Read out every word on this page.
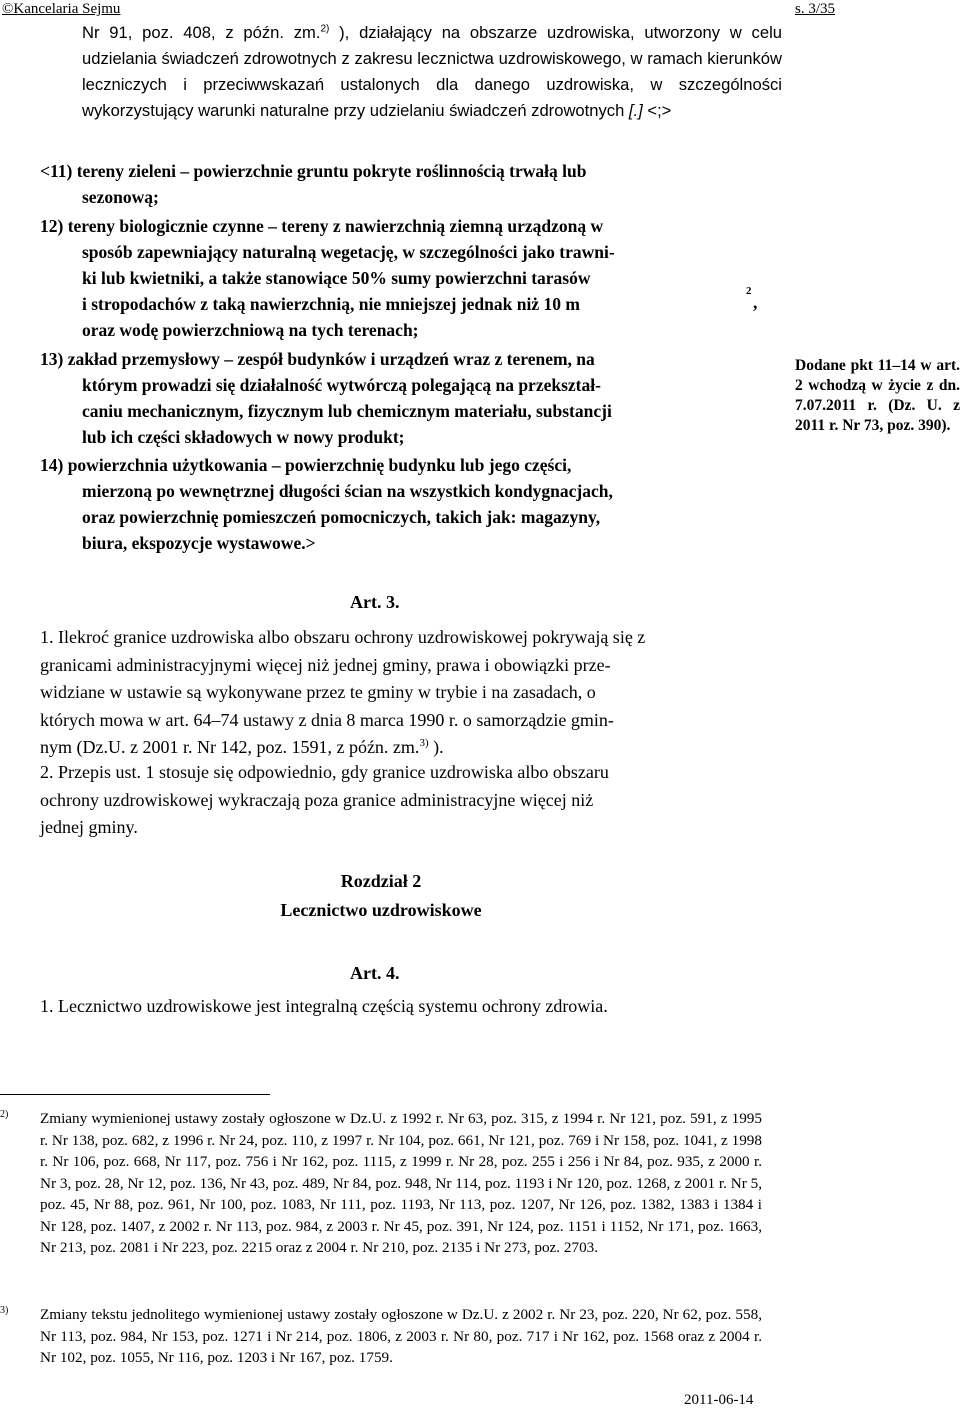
©Kancelaria Sejmu	s. 3/35
Nr 91, poz. 408, z późn. zm.$^{2)}$ ), działający na obszarze uzdrowiska, utworzony w celu udzielania świadczeń zdrowotnych z zakresu lecznictwa uzdrowiskowego, w ramach kierunków leczniczych i przeciwwskazań ustalonych dla danego uzdrowiska, w szczególności wykorzystujący warunki naturalne przy udzielaniu świadczeń zdrowotnych [.] <;>
<11) tereny zieleni – powierzchnie gruntu pokryte roślinnością trwałą lub
sezonową;
12) tereny biologicznie czynne – tereny z nawierzchnią ziemną urządzoną w
sposób zapewniający naturalną wegetację, w szczególności jako trawni-
ki lub kwietniki, a także stanowiące 50% sumy powierzchni tarasów
i stropodachów z taką nawierzchnią, nie mniejszej jednak niż 10 m
oraz wodę powierzchniową na tych terenach;
13) zakład przemysłowy – zespół budynków i urządzeń wraz z terenem, na
którym prowadzi się działalność wytwórczą polegającą na przekształ-
caniu mechanicznym, fizycznym lub chemicznym materiału, substancji
lub ich części składowych w nowy produkt;
14) powierzchnia użytkowania – powierzchnię budynku lub jego części,
mierzoną po wewnętrznej długości ścian na wszystkich kondygnacjach,
oraz powierzchnię pomieszczeń pomocniczych, takich jak: magazyny,
biura, ekspozycje wystawowe.>
2
,
Dodane pkt 11–14 w art. 2 wchodzą w życie z dn. 7.07.2011 r. (Dz. U. z 2011 r. Nr 73, poz. 390).
Art. 3.
1. Ilekroć granice uzdrowiska albo obszaru ochrony uzdrowiskowej pokrywają się z
granicami administracyjnymi więcej niż jednej gminy, prawa i obowiązki prze-
widziane w ustawie są wykonywane przez te gminy w trybie i na zasadach, o
których mowa w art. 64–74 ustawy z dnia 8 marca 1990 r. o samorządzie gmin-
nym (Dz.U. z 2001 r. Nr 142, poz. 1591, z późn. zm.$^{3)}$ ).
2. Przepis ust. 1 stosuje się odpowiednio, gdy granice uzdrowiska albo obszaru
ochrony uzdrowiskowej wykraczają poza granice administracyjne więcej niż
jednej gminy.
Rozdział 2
Lecznictwo uzdrowiskowe
Art. 4.
1. Lecznictwo uzdrowiskowe jest integralną częścią systemu ochrony zdrowia.
2) Zmiany wymienionej ustawy zostały ogłoszone w Dz.U. z 1992 r. Nr 63, poz. 315, z 1994 r. Nr 121, poz. 591, z 1995 r. Nr 138, poz. 682, z 1996 r. Nr 24, poz. 110, z 1997 r. Nr 104, poz. 661, Nr 121, poz. 769 i Nr 158, poz. 1041, z 1998 r. Nr 106, poz. 668, Nr 117, poz. 756 i Nr 162, poz. 1115, z 1999 r. Nr 28, poz. 255 i 256 i Nr 84, poz. 935, z 2000 r. Nr 3, poz. 28, Nr 12, poz. 136, Nr 43, poz. 489, Nr 84, poz. 948, Nr 114, poz. 1193 i Nr 120, poz. 1268, z 2001 r. Nr 5, poz. 45, Nr 88, poz. 961, Nr 100, poz. 1083, Nr 111, poz. 1193, Nr 113, poz. 1207, Nr 126, poz. 1382, 1383 i 1384 i Nr 128, poz. 1407, z 2002 r. Nr 113, poz. 984, z 2003 r. Nr 45, poz. 391, Nr 124, poz. 1151 i 1152, Nr 171, poz. 1663, Nr 213, poz. 2081 i Nr 223, poz. 2215 oraz z 2004 r. Nr 210, poz. 2135 i Nr 273, poz. 2703.
3) Zmiany tekstu jednolitego wymienionej ustawy zostały ogłoszone w Dz.U. z 2002 r. Nr 23, poz. 220, Nr 62, poz. 558, Nr 113, poz. 984, Nr 153, poz. 1271 i Nr 214, poz. 1806, z 2003 r. Nr 80, poz. 717 i Nr 162, poz. 1568 oraz z 2004 r. Nr 102, poz. 1055, Nr 116, poz. 1203 i Nr 167, poz. 1759.
2011-06-14
